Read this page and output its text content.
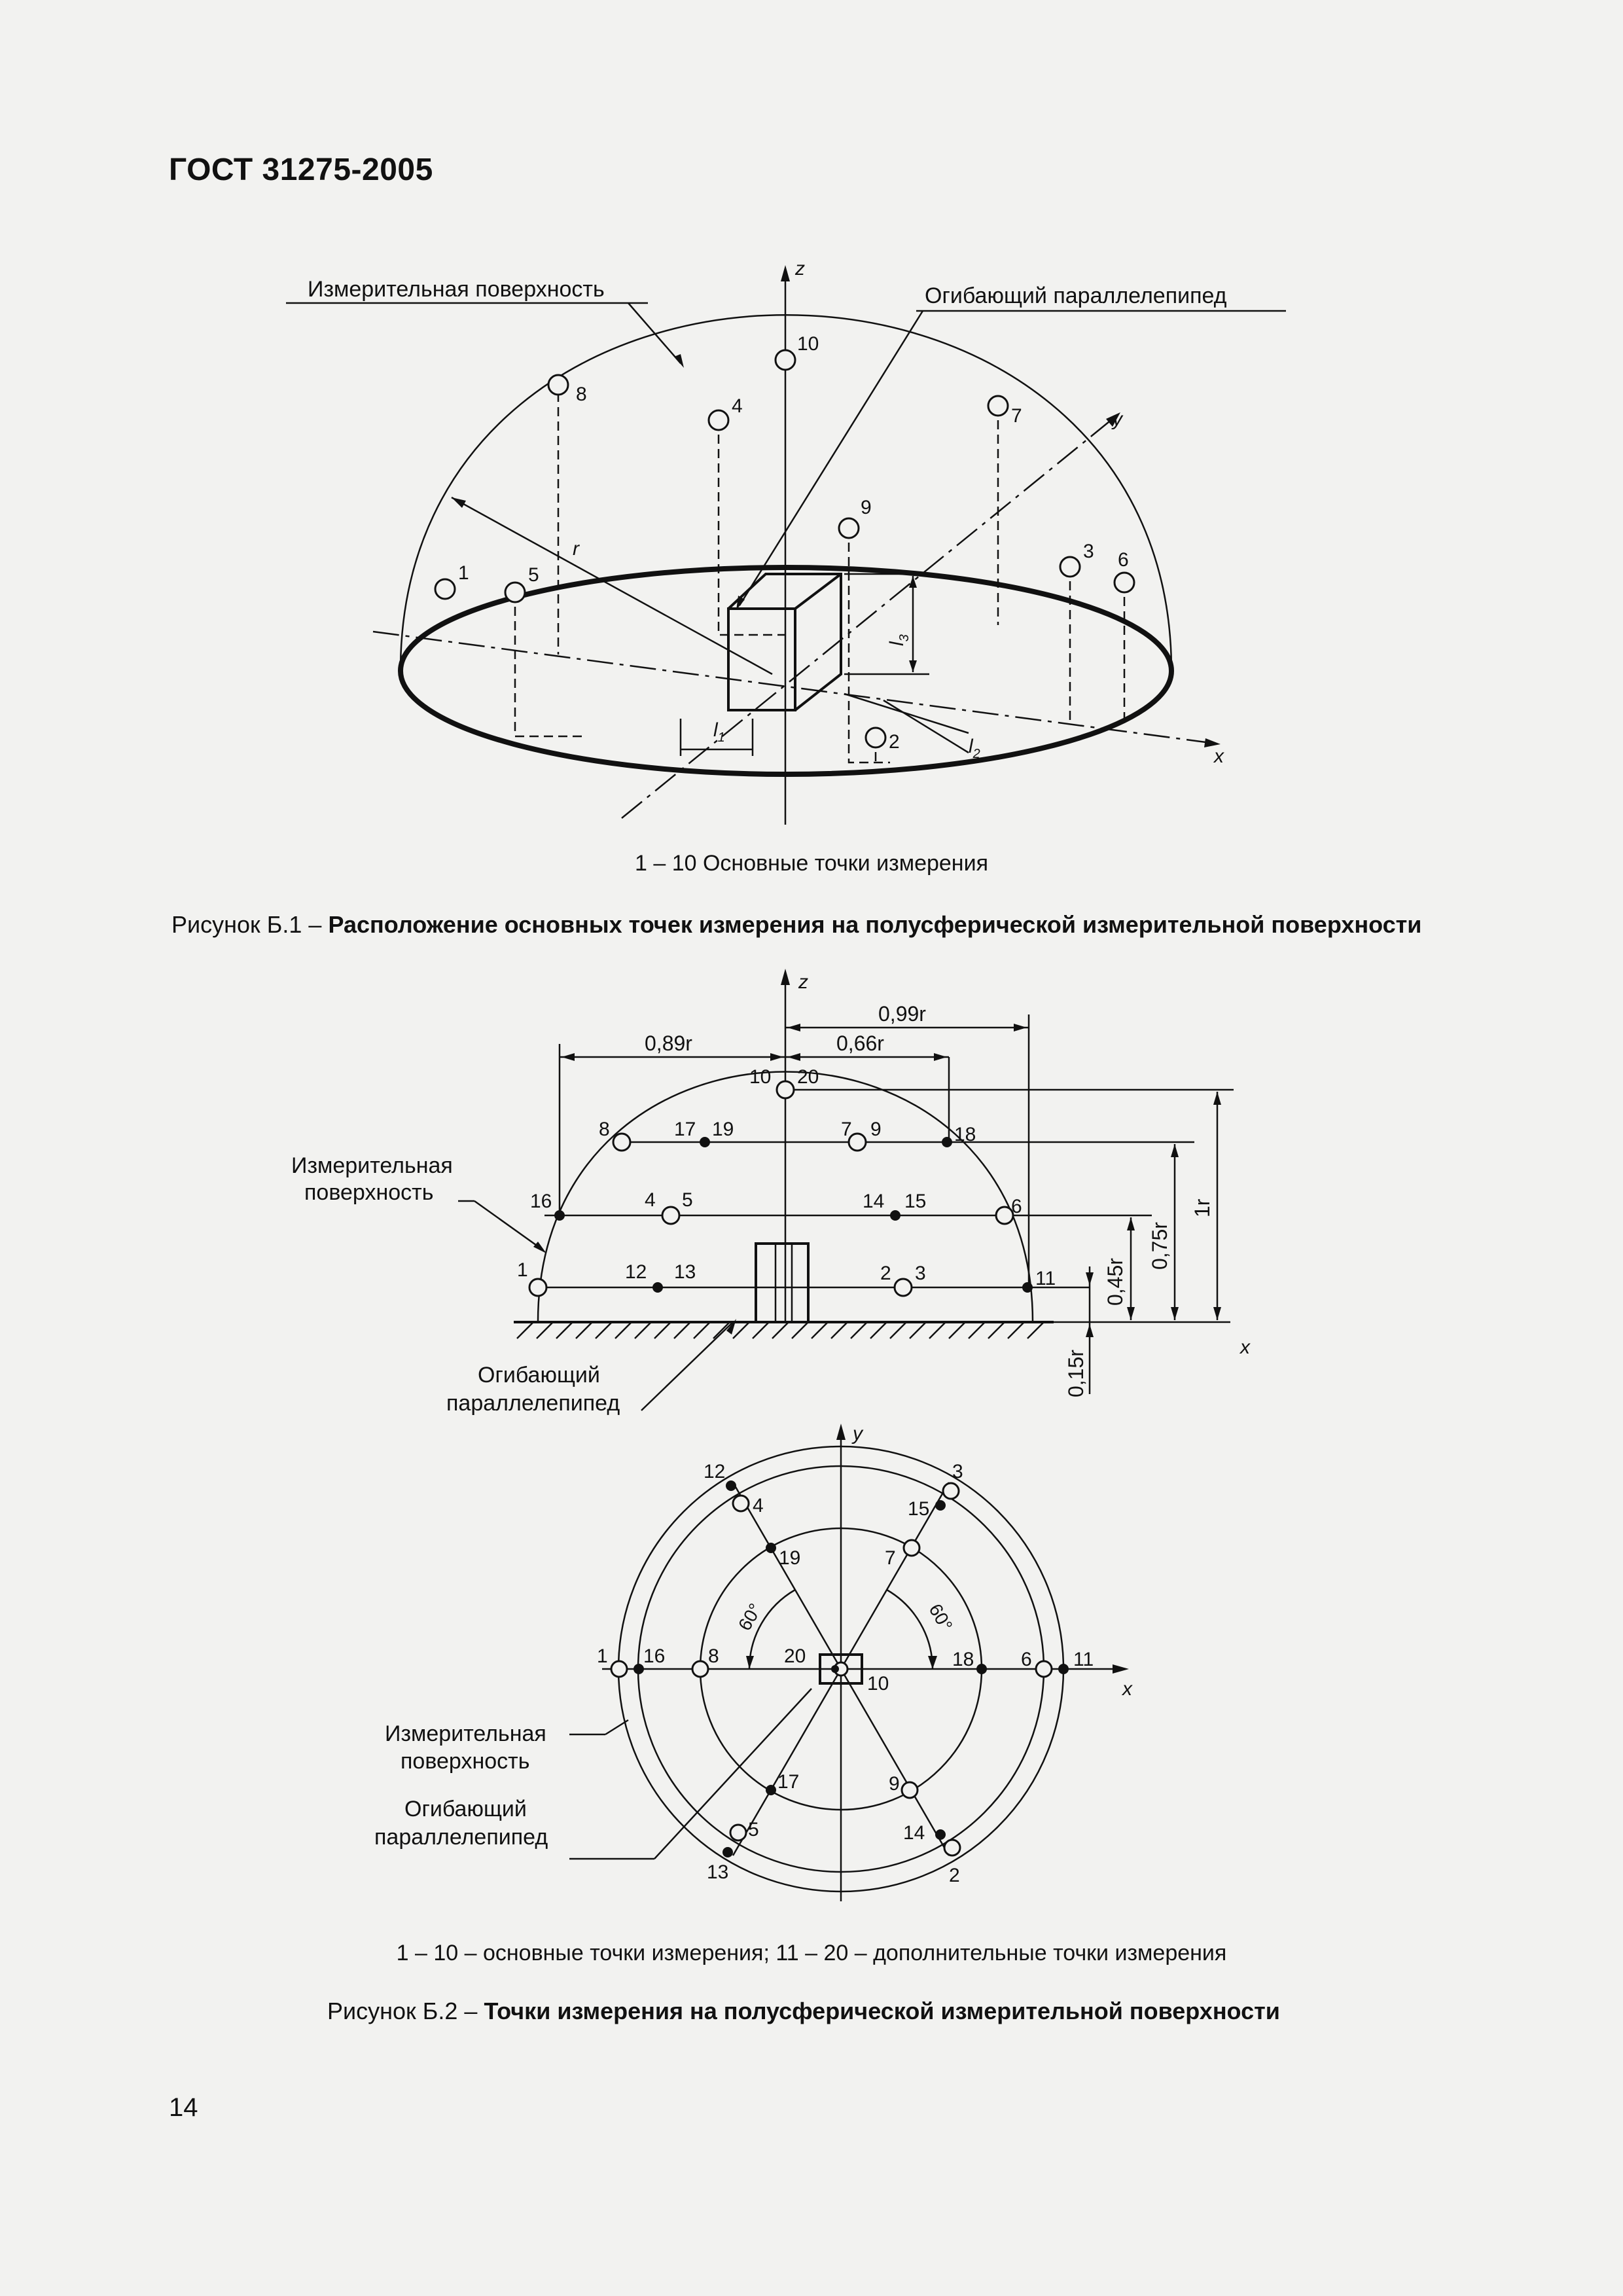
ГОСТ 31275-2005
1
2
3
4
5
6
7
8
9
10
Измерительная поверхность	Огибающий параллелепипед
z
y
x
r
$l_3$
$l_1$	$l_2$
1 – 10 Основные точки измерения
Рисунок Б.1 – Расположение основных точек измерения на полусферической измерительной поверхности
x
z
0,89r	0,66r
0,99r
1r
0,75r
0,45r
0,15r
1	12 13	2 3	11
16	4 5	14 15	6
8	17 19	7 9	18
10 20
Измерительная
поверхность
Огибающий
параллелепипед
y
x
60°	60°
12
4
3
15
19	7
1 16 8	20
10
18 6 11
17	9
5	14
13	2
Измерительная
поверхность
Огибающий
параллелепипед
1 – 10 – основные точки измерения; 11 – 20 – дополнительные точки измерения
Рисунок Б.2 – Точки измерения на полусферической измерительной поверхности
14
